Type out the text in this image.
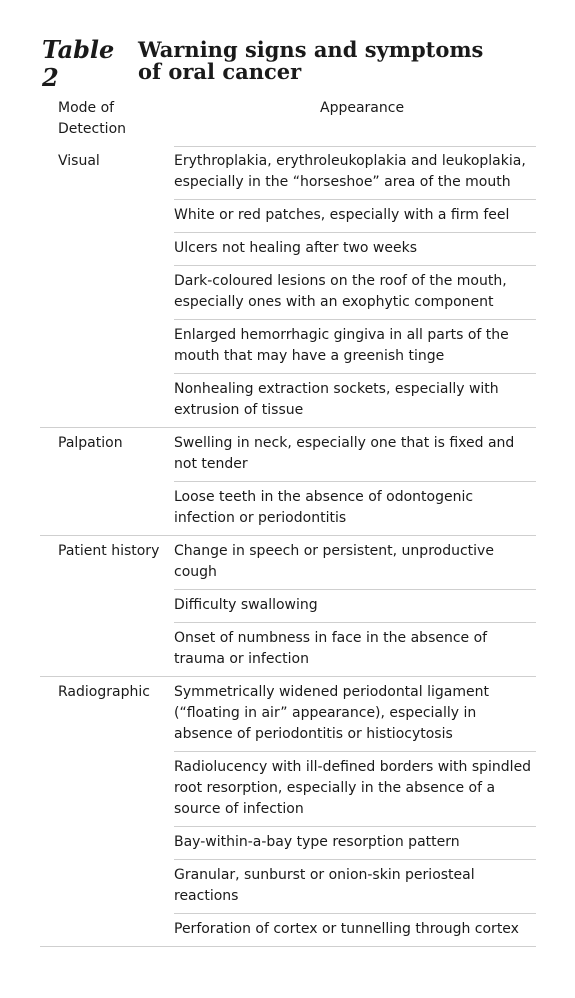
Table 2
Warning signs and symptoms of oral cancer
Mode of Detection
Appearance
Visual	Erythroplakia, erythroleukoplakia and leukoplakia, especially in the “horseshoe” area of the mouth
White or red patches, especially with a firm feel
Ulcers not healing after two weeks
Dark-coloured lesions on the roof of the mouth, especially ones with an exophytic component
Enlarged hemorrhagic gingiva in all parts of the mouth that may have a greenish tinge
Nonhealing extraction sockets, especially with extrusion of tissue
Palpation	Swelling in neck, especially one that is fixed and not tender
Loose teeth in the absence of odontogenic infection or periodontitis
Patient history	Change in speech or persistent, unproductive cough
Difficulty swallowing
Onset of numbness in face in the absence of trauma or infection
Radiographic	Symmetrically widened periodontal ligament (“floating in air” appearance), especially in absence of periodontitis or histiocytosis
Radiolucency with ill-defined borders with spindled root resorption, especially in the absence of a source of infection
Bay-within-a-bay type resorption pattern
Granular, sunburst or onion-skin periosteal reactions
Perforation of cortex or tunnelling through cortex
